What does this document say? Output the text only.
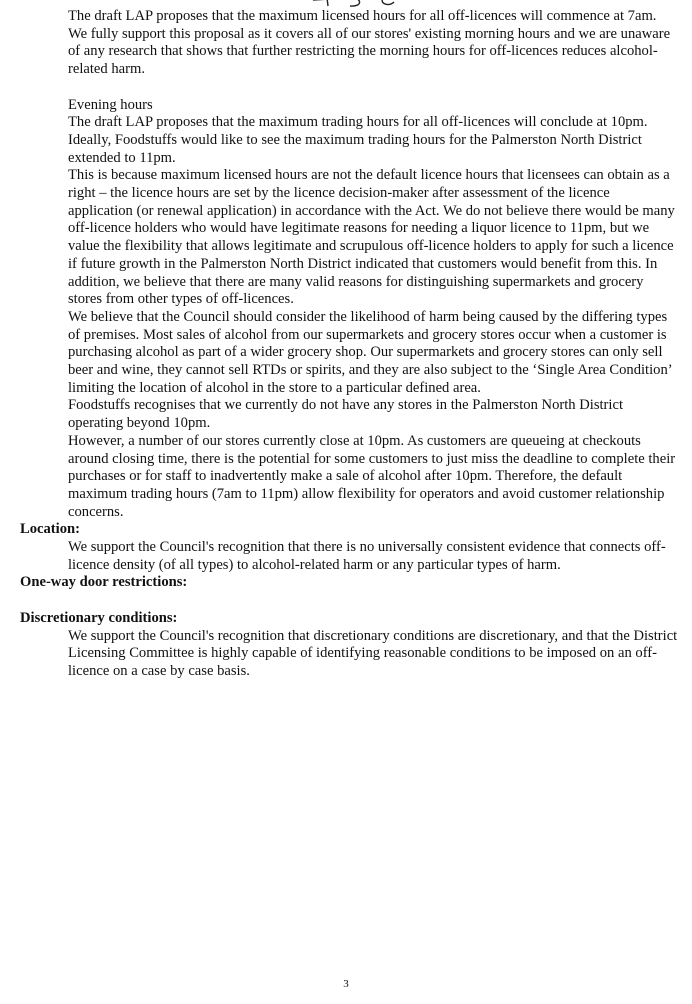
The draft LAP proposes that the maximum licensed hours for all off-licences will commence at 7am. We fully support this proposal as it covers all of our stores' existing morning hours and we are unaware of any research that shows that further restricting the morning hours for off-licences reduces alcohol-related harm.

Evening hours

The draft LAP proposes that the maximum trading hours for all off-licences will conclude at 10pm. Ideally, Foodstuffs would like to see the maximum trading hours for the Palmerston North District extended to 11pm.

This is because maximum licensed hours are not the default licence hours that licensees can obtain as a right – the licence hours are set by the licence decision-maker after assessment of the licence application (or renewal application) in accordance with the Act. We do not believe there would be many off-licence holders who would have legitimate reasons for needing a liquor licence to 11pm, but we value the flexibility that allows legitimate and scrupulous off-licence holders to apply for such a licence if future growth in the Palmerston North District indicated that customers would benefit from this. In addition, we believe that there are many valid reasons for distinguishing supermarkets and grocery stores from other types of off-licences.

We believe that the Council should consider the likelihood of harm being caused by the differing types of premises. Most sales of alcohol from our supermarkets and grocery stores occur when a customer is purchasing alcohol as part of a wider grocery shop. Our supermarkets and grocery stores can only sell beer and wine, they cannot sell RTDs or spirits, and they are also subject to the ‘Single Area Condition’ limiting the location of alcohol in the store to a particular defined area.

Foodstuffs recognises that we currently do not have any stores in the Palmerston North District operating beyond 10pm.

However, a number of our stores currently close at 10pm. As customers are queueing at checkouts around closing time, there is the potential for some customers to just miss the deadline to complete their purchases or for staff to inadvertently make a sale of alcohol after 10pm. Therefore, the default maximum trading hours (7am to 11pm) allow flexibility for operators and avoid customer relationship concerns.

Location:

We support the Council's recognition that there is no universally consistent evidence that connects off-licence density (of all types) to alcohol-related harm or any particular types of harm.

One-way door restrictions:

Discretionary conditions:

We support the Council's recognition that discretionary conditions are discretionary, and that the District Licensing Committee is highly capable of identifying reasonable conditions to be imposed on an off-licence on a case by case basis.

3
